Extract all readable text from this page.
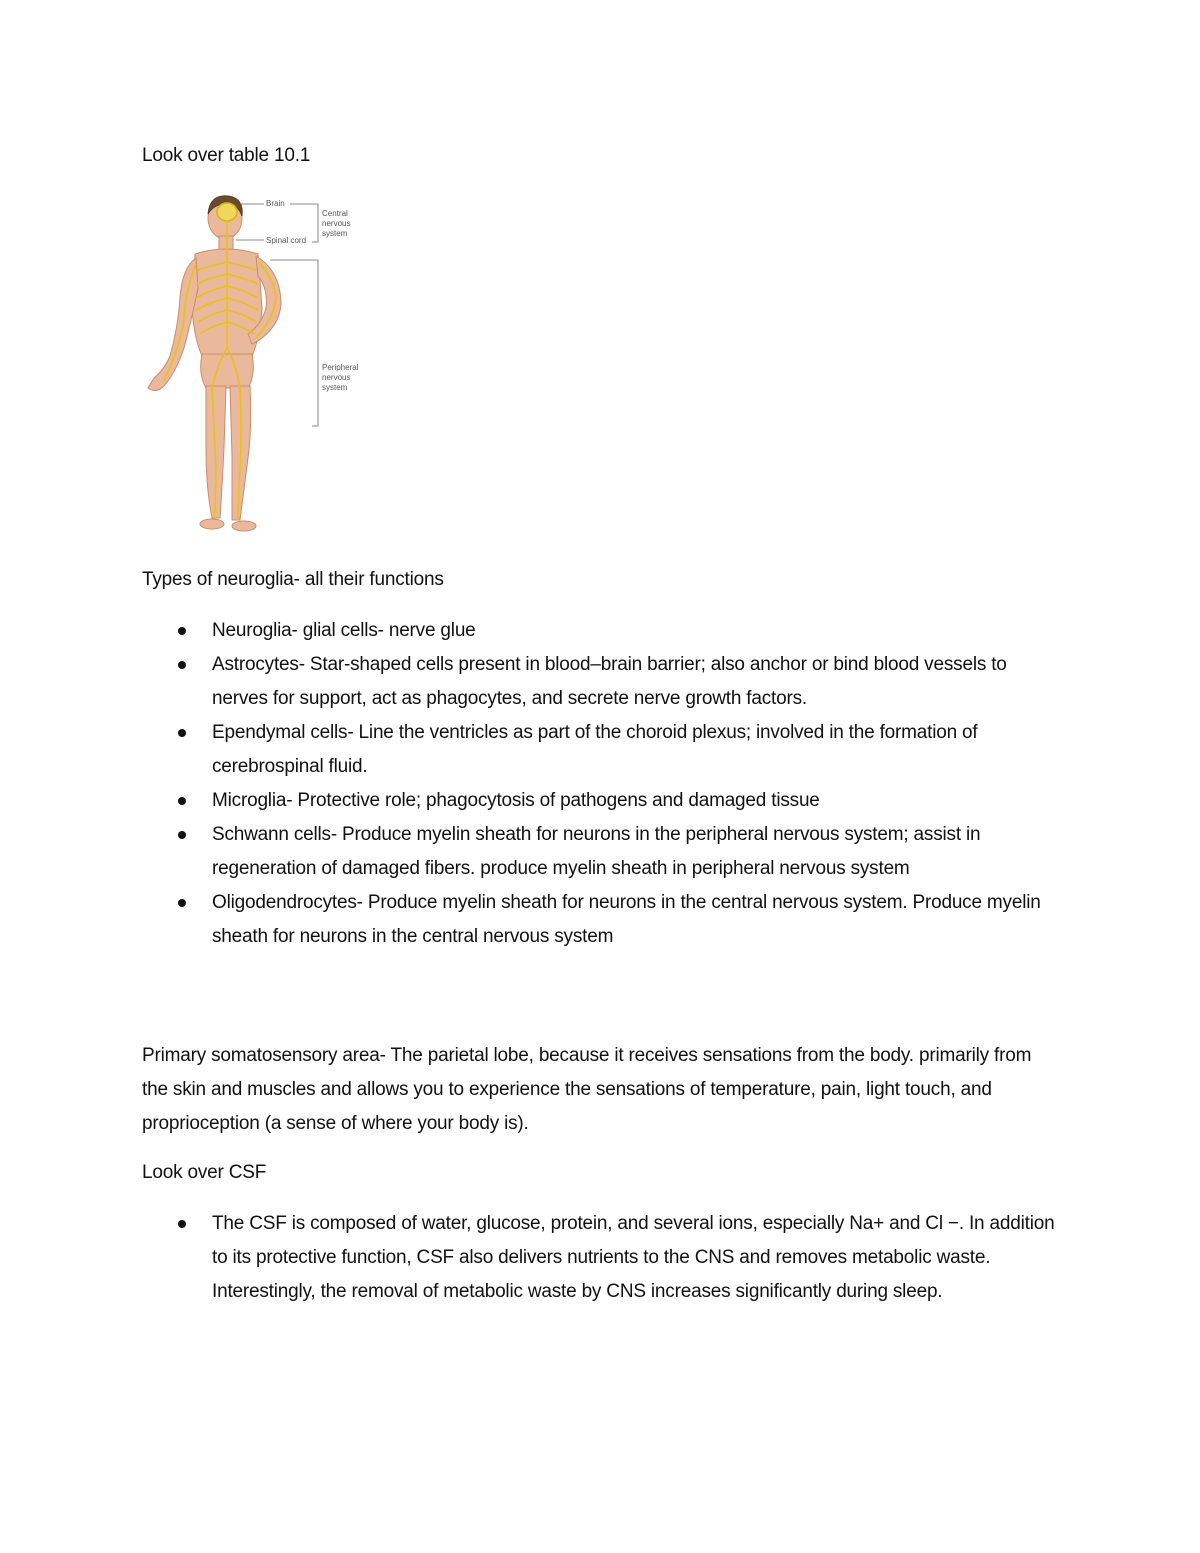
Look over table 10.1
Brain
Spinal cord
Central
nervous
system
Peripheral
nervous
system
Types of neuroglia- all their functions
Neuroglia- glial cells- nerve glue
Astrocytes- Star-shaped cells present in blood–brain barrier; also anchor or bind blood vessels to nerves for support, act as phagocytes, and secrete nerve growth factors.
Ependymal cells- Line the ventricles as part of the choroid plexus; involved in the formation of cerebrospinal fluid.
Microglia- Protective role; phagocytosis of pathogens and damaged tissue
Schwann cells- Produce myelin sheath for neurons in the peripheral nervous system; assist in regeneration of damaged fibers. produce myelin sheath in peripheral nervous system
Oligodendrocytes- Produce myelin sheath for neurons in the central nervous system. Produce myelin sheath for neurons in the central nervous system

Primary somatosensory area- The parietal lobe, because it receives sensations from the body. primarily from the skin and muscles and allows you to experience the sensations of temperature, pain, light touch, and proprioception (a sense of where your body is).

Look over CSF
The CSF is composed of water, glucose, protein, and several ions, especially Na+ and Cl −. In addition to its protective function, CSF also delivers nutrients to the CNS and removes metabolic waste. Interestingly, the removal of metabolic waste by CNS increases significantly during sleep.
